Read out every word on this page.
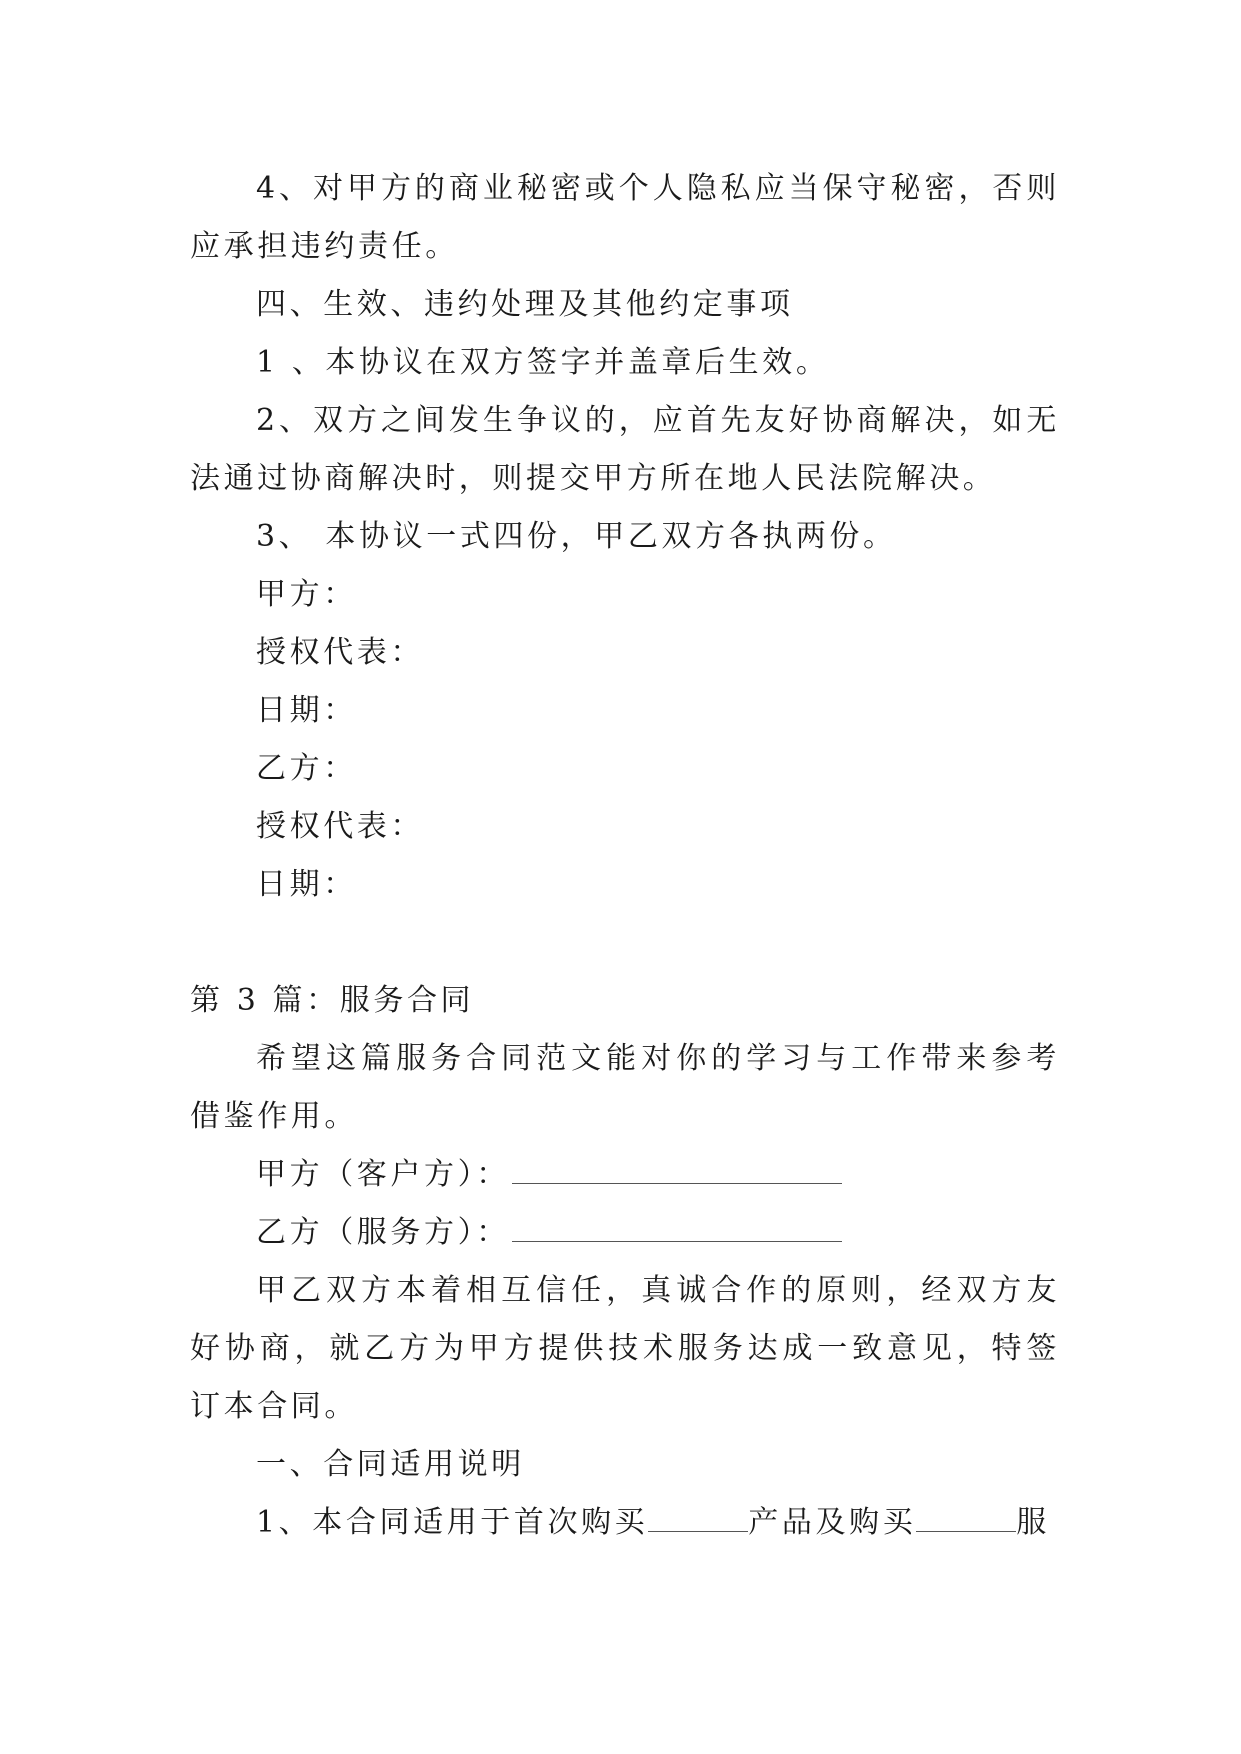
4、对甲方的商业秘密或个人隐私应当保守秘密，否则应承担违约责任。

四、生效、违约处理及其他约定事项

1 、本协议在双方签字并盖章后生效。

2、双方之间发生争议的，应首先友好协商解决，如无法通过协商解决时，则提交甲方所在地人民法院解决。

3、 本协议一式四份，甲乙双方各执两份。

甲方：

授权代表：

日期：

乙方：

授权代表：

日期：

第 3 篇：服务合同

希望这篇服务合同范文能对你的学习与工作带来参考借鉴作用。

甲方（客户方）：

乙方（服务方）：

甲乙双方本着相互信任，真诚合作的原则，经双方友好协商，就乙方为甲方提供技术服务达成一致意见，特签订本合同。

一、合同适用说明

1、本合同适用于首次购买	产品及购买	服
